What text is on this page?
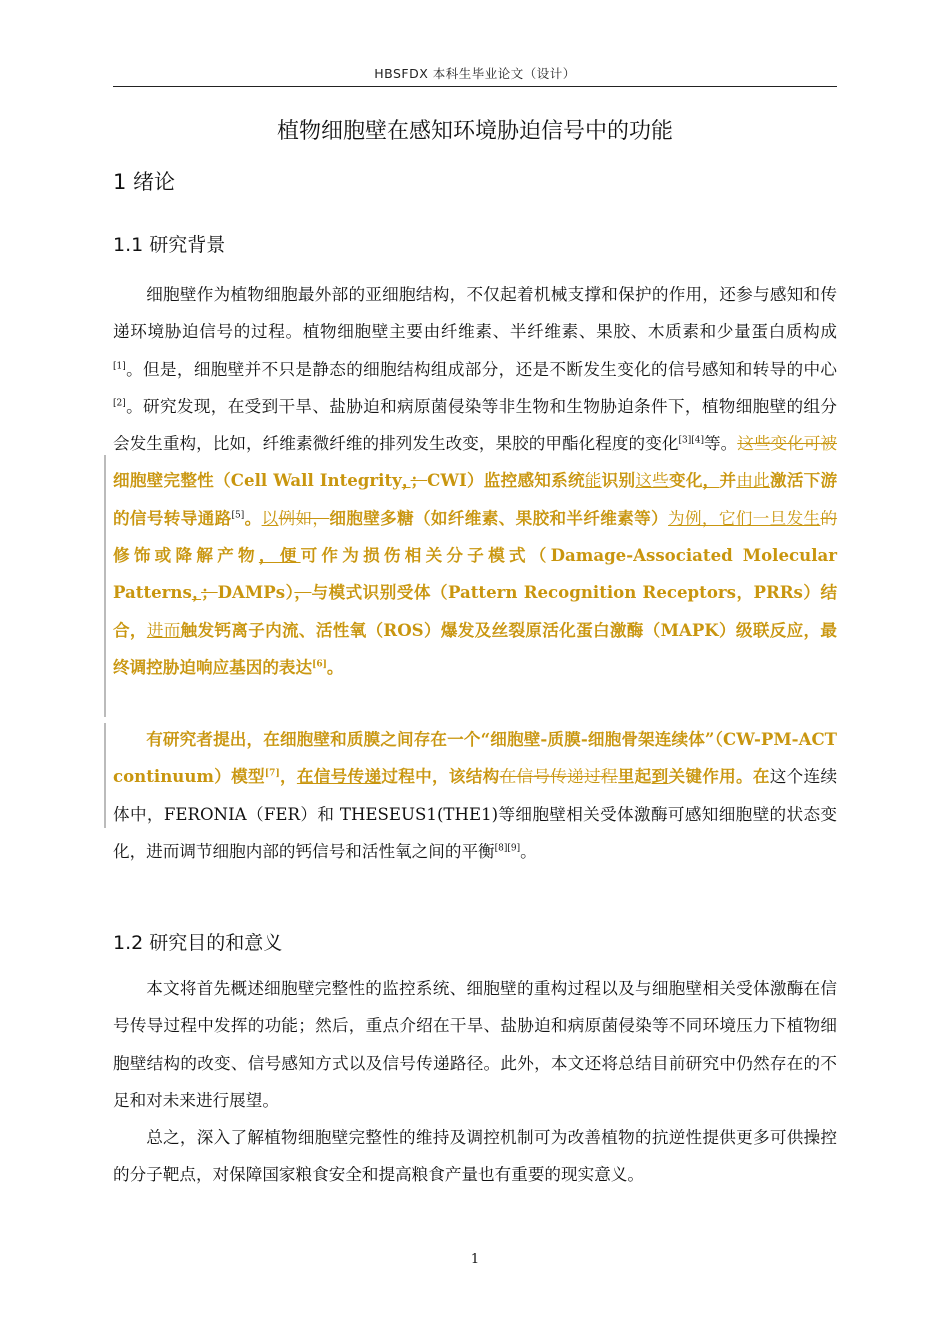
HBSFDX 本科生毕业论文（设计）
植物细胞壁在感知环境胁迫信号中的功能
1 绪论
1.1 研究背景

细胞壁作为植物细胞最外部的亚细胞结构，不仅起着机械支撑和保护的作用，还参与感知和传递环境胁迫信号的过程。植物细胞壁主要由纤维素、半纤维素、果胶、木质素和少量蛋白质构成[1]。但是，细胞壁并不只是静态的细胞结构组成部分，还是不断发生变化的信号感知和转导的中心[2]。研究发现，在受到干旱、盐胁迫和病原菌侵染等非生物和生物胁迫条件下，植物细胞壁的组分会发生重构，比如，纤维素微纤维的排列发生改变，果胶的甲酯化程度的变化[3][4]等。这些变化可被细胞壁完整性（Cell Wall Integrity，；CWI）监控感知系统能识别这些变化，并由此激活下游的信号转导通路[5]。以例如，细胞壁多糖（如纤维素、果胶和半纤维素等）为例，它们一旦发生的修饰或降解产物，便可作为损伤相关分子模式（Damage-Associated Molecular Patterns，；DAMPs），与模式识别受体（Pattern Recognition Receptors，PRRs）结合，进而触发钙离子内流、活性氧（ROS）爆发及丝裂原活化蛋白激酶（MAPK）级联反应，最终调控胁迫响应基因的表达[6]。

有研究者提出，在细胞壁和质膜之间存在一个“细胞壁-质膜-细胞骨架连续体”（CW-PM-ACT continuum）模型[7]，在信号传递过程中，该结构在信号传递过程里起到关键作用。在这个连续体中，FERONIA（FER）和 THESEUS1(THE1)等细胞壁相关受体激酶可感知细胞壁的状态变化，进而调节细胞内部的钙信号和活性氧之间的平衡[8][9]。

1.2 研究目的和意义

本文将首先概述细胞壁完整性的监控系统、细胞壁的重构过程以及与细胞壁相关受体激酶在信号传导过程中发挥的功能；然后，重点介绍在干旱、盐胁迫和病原菌侵染等不同环境压力下植物细胞壁结构的改变、信号感知方式以及信号传递路径。此外，本文还将总结目前研究中仍然存在的不足和对未来进行展望。

总之，深入了解植物细胞壁完整性的维持及调控机制可为改善植物的抗逆性提供更多可供操控的分子靶点，对保障国家粮食安全和提高粮食产量也有重要的现实意义。

1
